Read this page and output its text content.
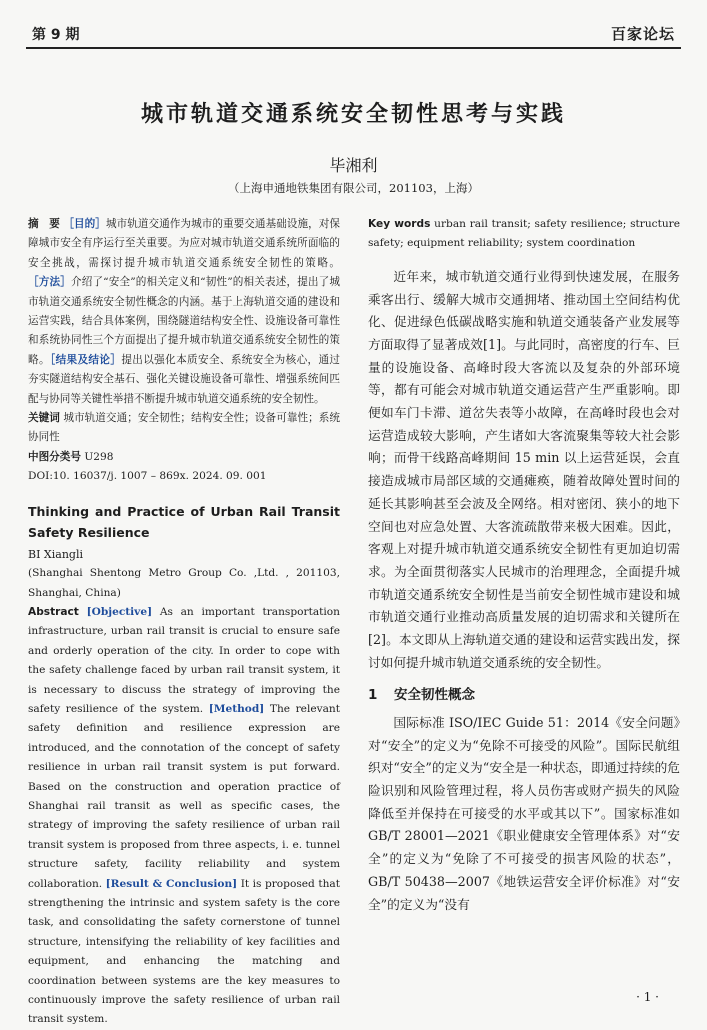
第 9 期	百家论坛
城市轨道交通系统安全韧性思考与实践
毕湘利
（上海申通地铁集团有限公司，201103，上海）

摘　要 ［目的］城市轨道交通作为城市的重要交通基础设施，对保障城市安全有序运行至关重要。为应对城市轨道交通系统所面临的安全挑战，需探讨提升城市轨道交通系统安全韧性的策略。［方法］介绍了“安全”的相关定义和“韧性”的相关表述，提出了城市轨道交通系统安全韧性概念的内涵。基于上海轨道交通的建设和运营实践，结合具体案例，围绕隧道结构安全性、设施设备可靠性和系统协同性三个方面提出了提升城市轨道交通系统安全韧性的策略。［结果及结论］提出以强化本质安全、系统安全为核心，通过夯实隧道结构安全基石、强化关键设施设备可靠性、增强系统间匹配与协同等关键性举措不断提升城市轨道交通系统的安全韧性。

关键词 城市轨道交通；安全韧性；结构安全性；设备可靠性；系统协同性

中图分类号 U298

DOI:10. 16037/j. 1007 – 869x. 2024. 09. 001

Thinking and Practice of Urban Rail Transit Safety Resilience

BI Xiangli

(Shanghai Shentong Metro Group Co. ,Ltd. , 201103, Shanghai, China)

Abstract [Objective] As an important transportation infrastructure, urban rail transit is crucial to ensure safe and orderly operation of the city. In order to cope with the safety challenge faced by urban rail transit system, it is necessary to discuss the strategy of improving the safety resilience of the system. [Method] The relevant safety definition and resilience expression are introduced, and the connotation of the concept of safety resilience in urban rail transit system is put forward. Based on the construction and operation practice of Shanghai rail transit as well as specific cases, the strategy of improving the safety resilience of urban rail transit system is proposed from three aspects, i. e. tunnel structure safety, facility reliability and system collaboration. [Result & Conclusion] It is proposed that strengthening the intrinsic and system safety is the core task, and consolidating the safety cornerstone of tunnel structure, intensifying the reliability of key facilities and equipment, and enhancing the matching and coordination between systems are the key measures to continuously improve the safety resilience of urban rail transit system.

Key words urban rail transit; safety resilience; structure safety; equipment reliability; system coordination

近年来，城市轨道交通行业得到快速发展，在服务乘客出行、缓解大城市交通拥堵、推动国土空间结构优化、促进绿色低碳战略实施和轨道交通装备产业发展等方面取得了显著成效[1]。与此同时，高密度的行车、巨量的设施设备、高峰时段大客流以及复杂的外部环境等，都有可能会对城市轨道交通运营产生严重影响。即便如车门卡滞、道岔失表等小故障，在高峰时段也会对运营造成较大影响，产生诸如大客流聚集等较大社会影响；而骨干线路高峰期间 15 min 以上运营延误，会直接造成城市局部区域的交通瘫痪，随着故障处置时间的延长其影响甚至会波及全网络。相对密闭、狭小的地下空间也对应急处置、大客流疏散带来极大困难。因此，客观上对提升城市轨道交通系统安全韧性有更加迫切需求。为全面贯彻落实人民城市的治理理念，全面提升城市轨道交通系统安全韧性是当前安全韧性城市建设和城市轨道交通行业推动高质量发展的迫切需求和关键所在[2]。本文即从上海轨道交通的建设和运营实践出发，探讨如何提升城市轨道交通系统的安全韧性。

1 安全韧性概念

国际标准 ISO/IEC Guide 51：2014《安全问题》对“安全”的定义为“免除不可接受的风险”。国际民航组织对“安全”的定义为“安全是一种状态，即通过持续的危险识别和风险管理过程，将人员伤害或财产损失的风险降低至并保持在可接受的水平或其以下”。国家标准如 GB/T 28001—2021《职业健康安全管理体系》对“安全”的定义为“免除了不可接受的损害风险的状态”，GB/T 50438—2007《地铁运营安全评价标准》对“安全”的定义为“没有

· 1 ·
